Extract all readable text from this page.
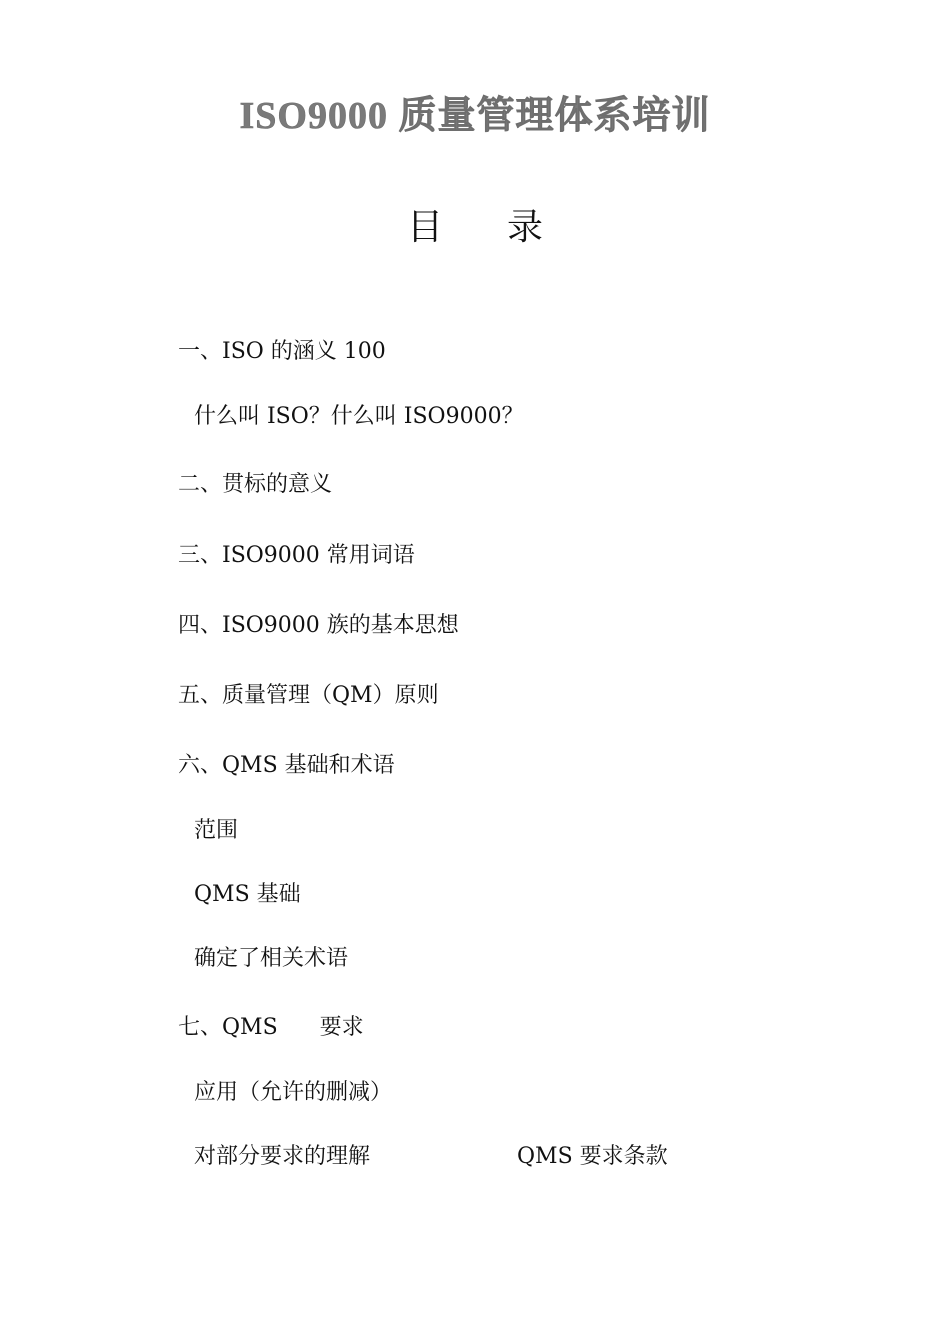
ISO9000 质量管理体系培训
目 录
一、ISO 的涵义 100
什么叫 ISO？什么叫 ISO9000？
二、贯标的意义
三、ISO9000 常用词语
四、ISO9000 族的基本思想
五、质量管理（QM）原则
六、QMS 基础和术语
范围
QMS 基础
确定了相关术语
七、QMS      要求
应用（允许的删减）
对部分要求的理解	QMS 要求条款
